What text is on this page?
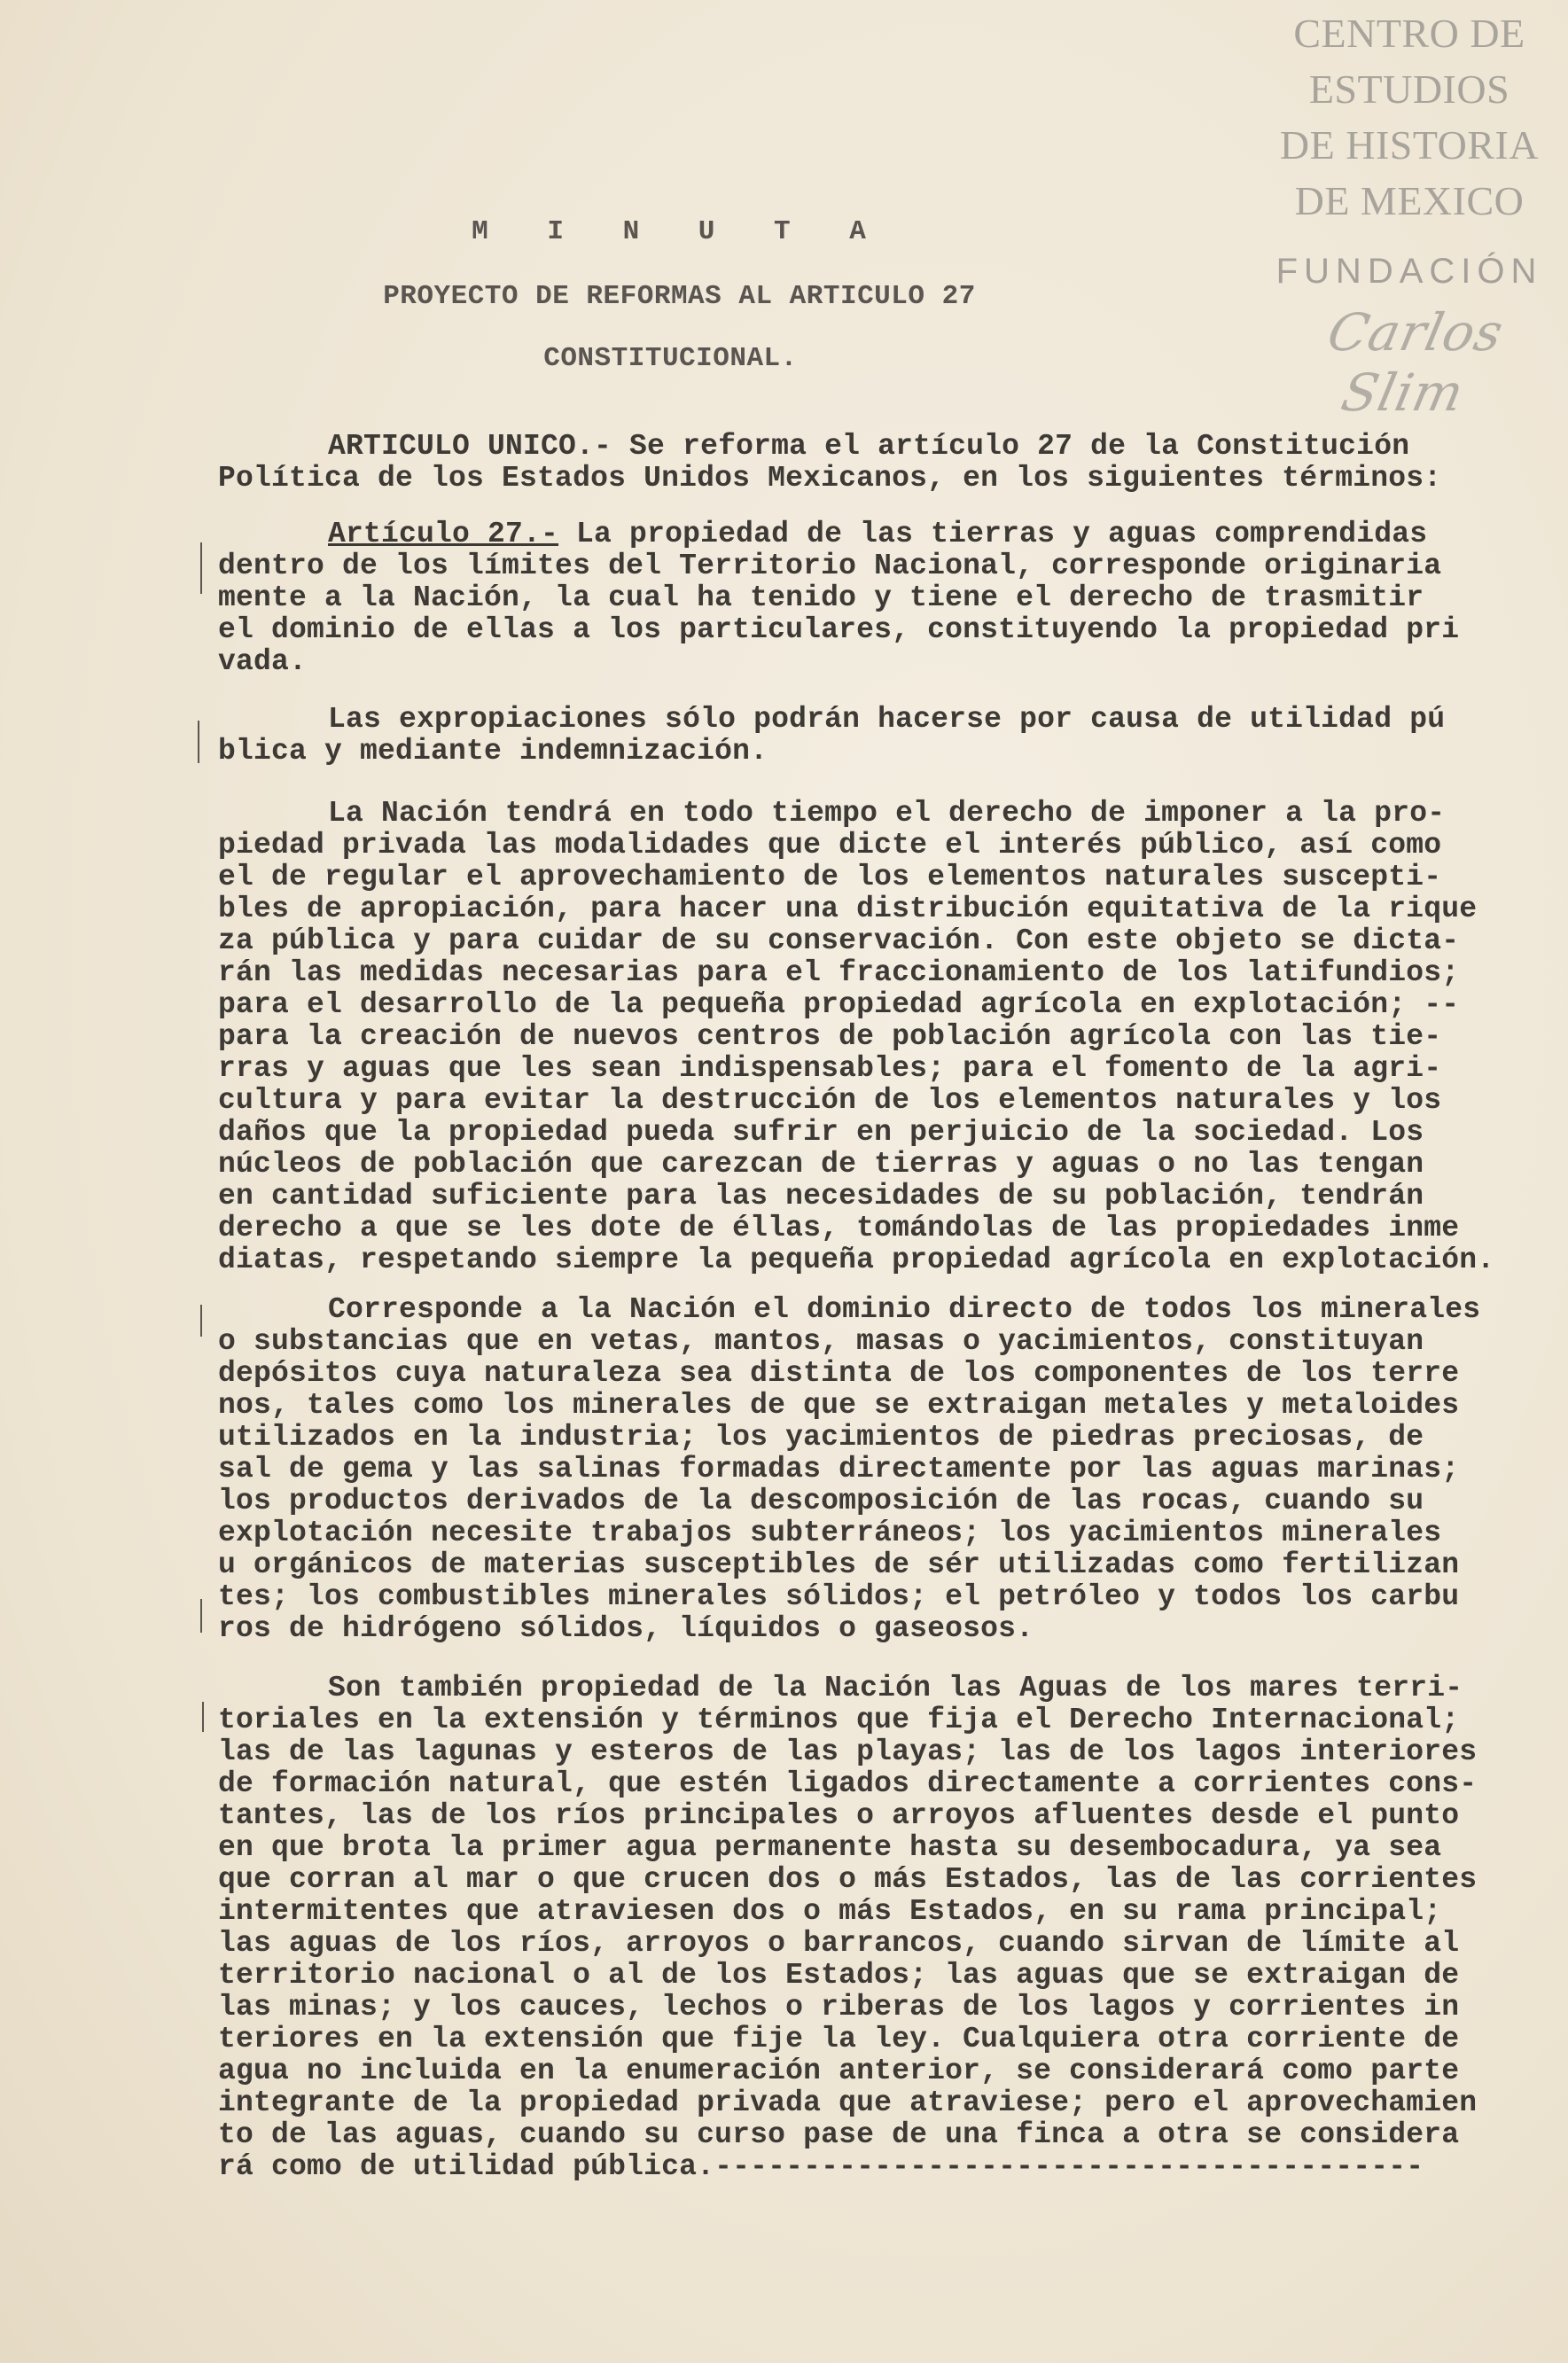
CENTRO DE
ESTUDIOS
DE HISTORIA
DE MEXICO
FUNDACIÓN
Carlos Slim
M I N U T A
PROYECTO DE REFORMAS AL ARTICULO 27
CONSTITUCIONAL.
ARTICULO UNICO.- Se reforma el artículo 27 de la Constitución
Política de los Estados Unidos Mexicanos, en los siguientes términos:
Artículo 27.- La propiedad de las tierras y aguas comprendidas
dentro de los límites del Territorio Nacional, corresponde originaria
mente a la Nación, la cual ha tenido y tiene el derecho de trasmitir
el dominio de ellas a los particulares, constituyendo la propiedad pri
vada.
Las expropiaciones sólo podrán hacerse por causa de utilidad pú
blica y mediante indemnización.
La Nación tendrá en todo tiempo el derecho de imponer a la pro-
piedad privada las modalidades que dicte el interés público, así como
el de regular el aprovechamiento de los elementos naturales suscepti-
bles de apropiación, para hacer una distribución equitativa de la rique
za pública y para cuidar de su conservación. Con este objeto se dicta-
rán las medidas necesarias para el fraccionamiento de los latifundios;
para el desarrollo de la pequeña propiedad agrícola en explotación; --
para la creación de nuevos centros de población agrícola con las tie-
rras y aguas que les sean indispensables; para el fomento de la agri-
cultura y para evitar la destrucción de los elementos naturales y los
daños que la propiedad pueda sufrir en perjuicio de la sociedad. Los
núcleos de población que carezcan de tierras y aguas o no las tengan
en cantidad suficiente para las necesidades de su población, tendrán
derecho a que se les dote de éllas, tomándolas de las propiedades inme
diatas, respetando siempre la pequeña propiedad agrícola en explotación.
Corresponde a la Nación el dominio directo de todos los minerales
o substancias que en vetas, mantos, masas o yacimientos, constituyan
depósitos cuya naturaleza sea distinta de los componentes de los terre
nos, tales como los minerales de que se extraigan metales y metaloides
utilizados en la industria; los yacimientos de piedras preciosas, de
sal de gema y las salinas formadas directamente por las aguas marinas;
los productos derivados de la descomposición de las rocas, cuando su
explotación necesite trabajos subterráneos; los yacimientos minerales
u orgánicos de materias susceptibles de sér utilizadas como fertilizan
tes; los combustibles minerales sólidos; el petróleo y todos los carbu
ros de hidrógeno sólidos, líquidos o gaseosos.
Son también propiedad de la Nación las Aguas de los mares terri-
toriales en la extensión y términos que fija el Derecho Internacional;
las de las lagunas y esteros de las playas; las de los lagos interiores
de formación natural, que estén ligados directamente a corrientes cons-
tantes, las de los ríos principales o arroyos afluentes desde el punto
en que brota la primer agua permanente hasta su desembocadura, ya sea
que corran al mar o que crucen dos o más Estados, las de las corrientes
intermitentes que atraviesen dos o más Estados, en su rama principal;
las aguas de los ríos, arroyos o barrancos, cuando sirvan de límite al
territorio nacional o al de los Estados; las aguas que se extraigan de
las minas; y los cauces, lechos o riberas de los lagos y corrientes in
teriores en la extensión que fije la ley. Cualquiera otra corriente de
agua no incluida en la enumeración anterior, se considerará como parte
integrante de la propiedad privada que atraviese; pero el aprovechamien
to de las aguas, cuando su curso pase de una finca a otra se considera
rá como de utilidad pública.----------------------------------------
